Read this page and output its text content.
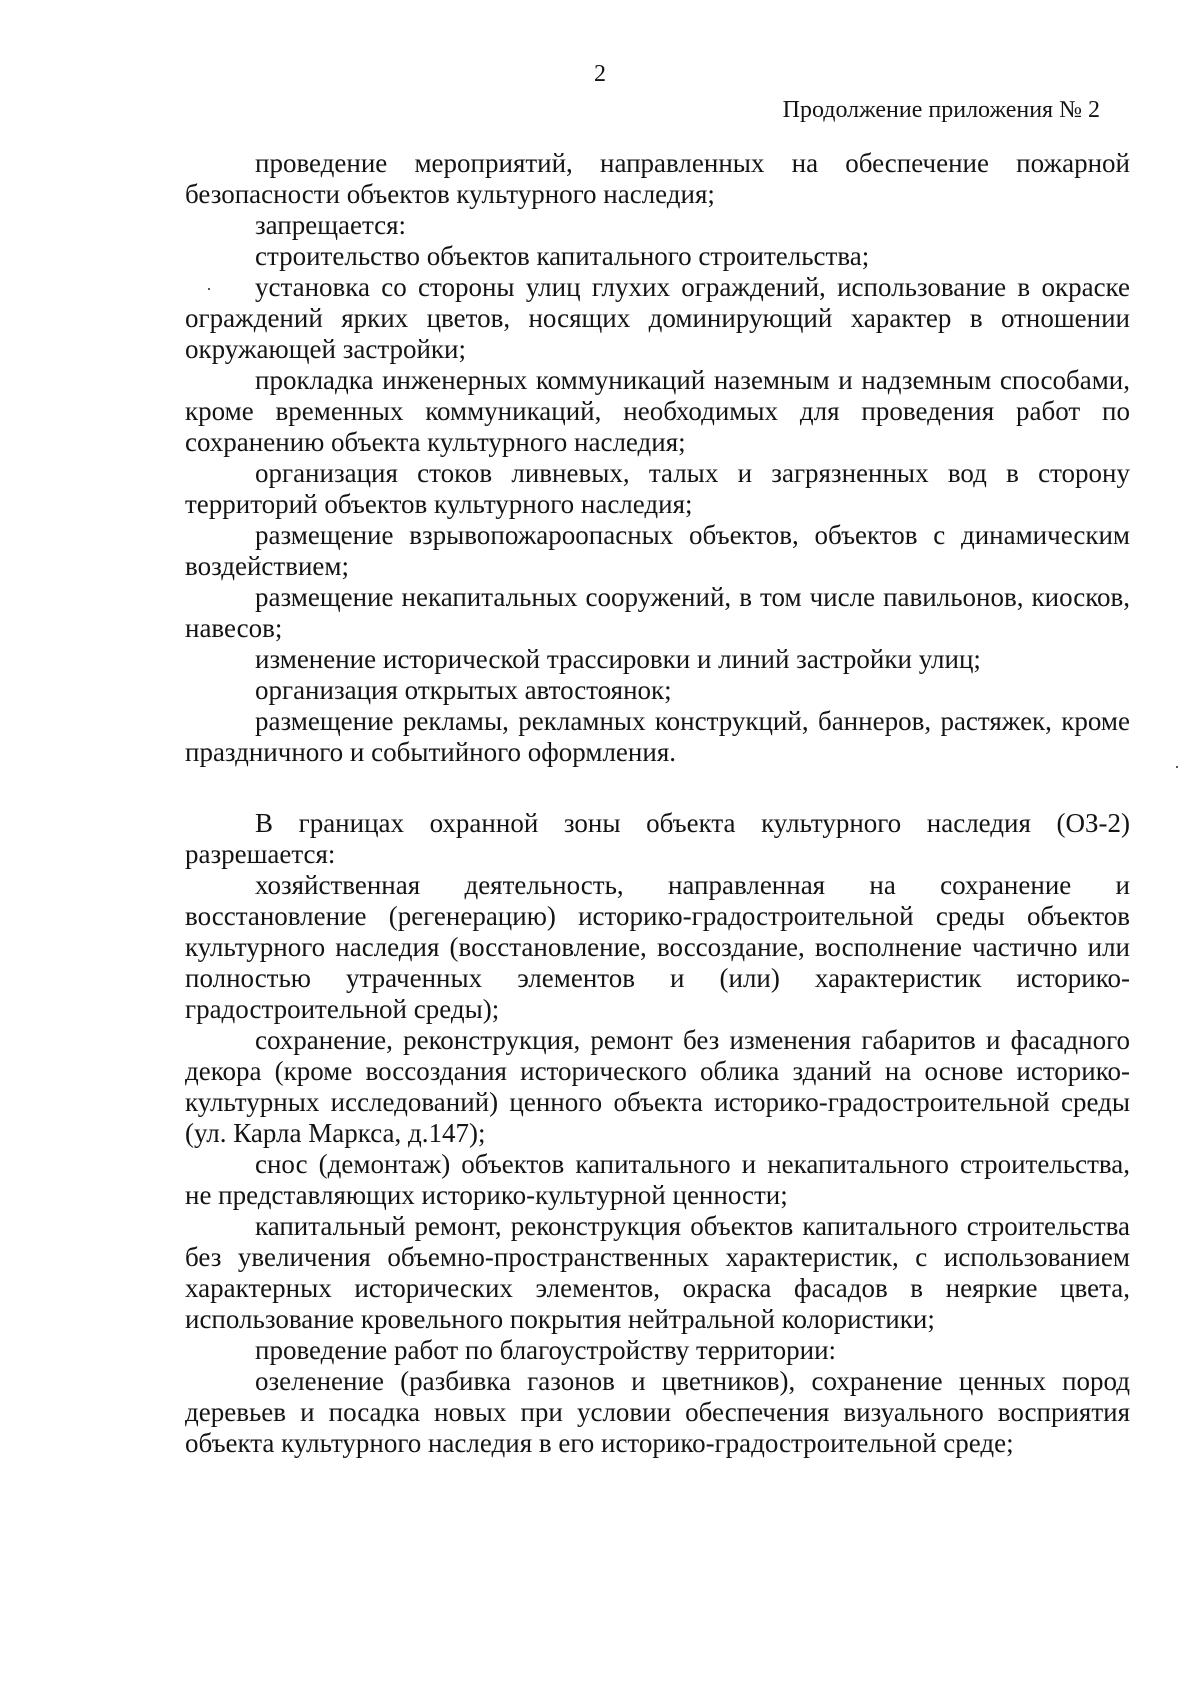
2
Продолжение приложения № 2

проведение мероприятий, направленных на обеспечение пожарной безопасности объектов культурного наследия;

запрещается:

строительство объектов капитального строительства;

установка со стороны улиц глухих ограждений, использование в окраске ограждений ярких цветов, носящих доминирующий характер в отношении окружающей застройки;

прокладка инженерных коммуникаций наземным и надземным способами, кроме временных коммуникаций, необходимых для проведения работ по сохранению объекта культурного наследия;

организация стоков ливневых, талых и загрязненных вод в сторону территорий объектов культурного наследия;

размещение взрывопожароопасных объектов, объектов с динамическим воздействием;

размещение некапитальных сооружений, в том числе павильонов, киосков, навесов;

изменение исторической трассировки и линий застройки улиц;

организация открытых автостоянок;

размещение рекламы, рекламных конструкций, баннеров, растяжек, кроме праздничного и событийного оформления.

В границах охранной зоны объекта культурного наследия (ОЗ-2) разрешается:

хозяйственная деятельность, направленная на сохранение и восстановление (регенерацию) историко-градостроительной среды объектов культурного наследия (восстановление, воссоздание, восполнение частично или полностью утраченных элементов и (или) характеристик историко-градостроительной среды);

сохранение, реконструкция, ремонт без изменения габаритов и фасадного декора (кроме воссоздания исторического облика зданий на основе историко-культурных исследований) ценного объекта историко-градостроительной среды (ул. Карла Маркса, д.147);

снос (демонтаж) объектов капитального и некапитального строительства, не представляющих историко-культурной ценности;

капитальный ремонт, реконструкция объектов капитального строительства без увеличения объемно-пространственных характеристик, с использованием характерных исторических элементов, окраска фасадов в неяркие цвета, использование кровельного покрытия нейтральной колористики;

проведение работ по благоустройству территории:

озеленение (разбивка газонов и цветников), сохранение ценных пород деревьев и посадка новых при условии обеспечения визуального восприятия объекта культурного наследия в его историко-градостроительной среде;
